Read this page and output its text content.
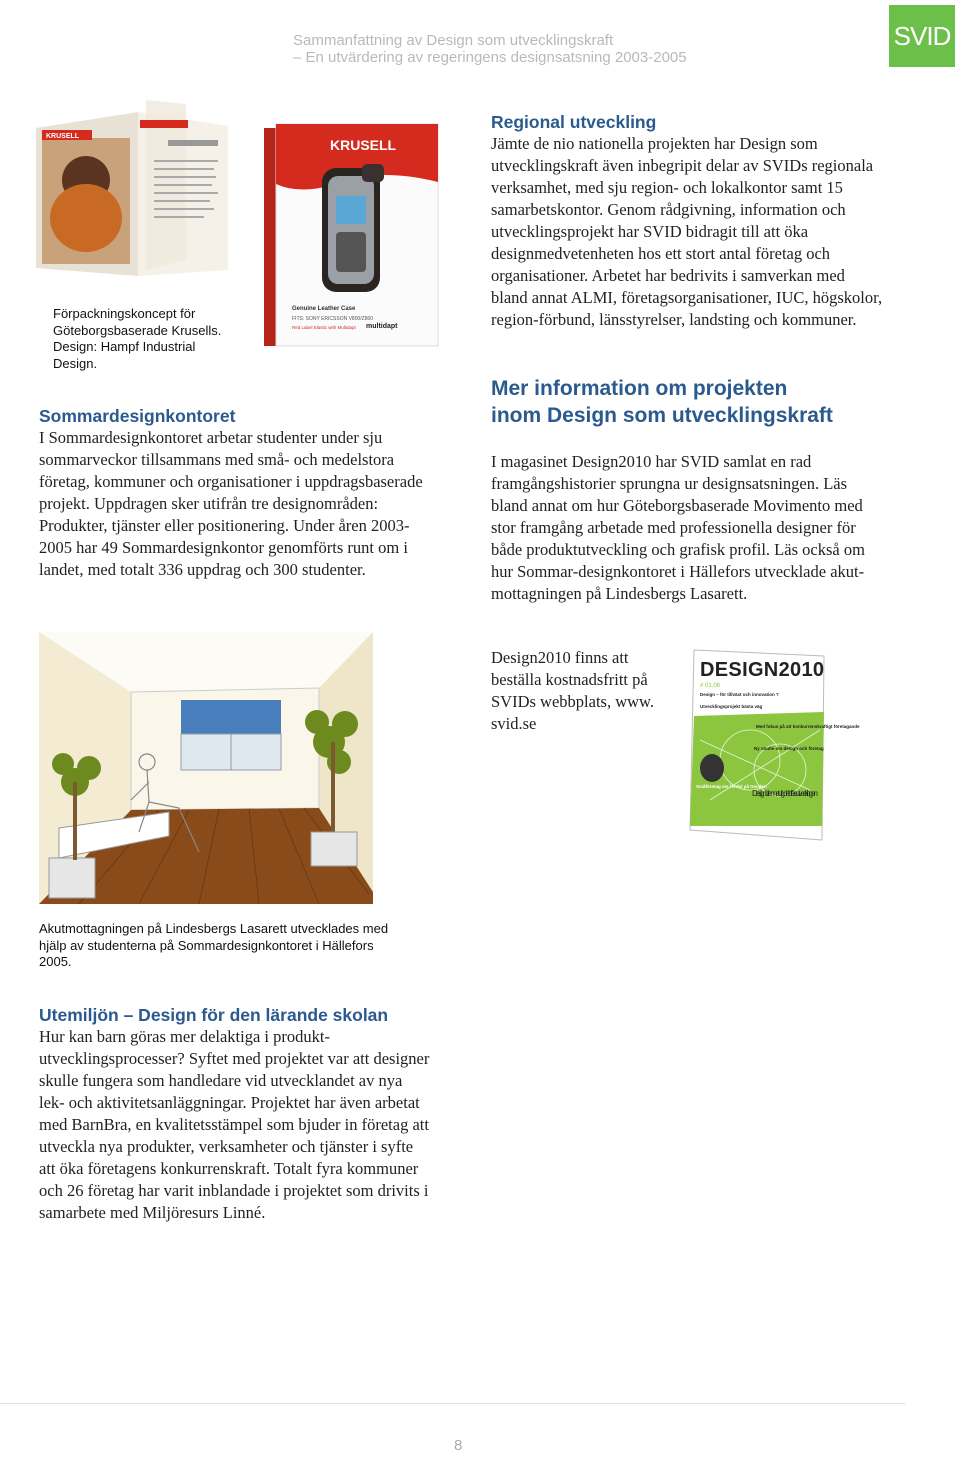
Sammanfattning av Design som utvecklingskraft
– En utvärdering av regeringens designsatsning 2003-2005
SVID
KRUSELL
KRUSELL
Genuine Leather Case
FITS: SONY ERICSSON V800/Z800
Red Label Elastic with Multidapt multidapt
Förpackningskoncept för Göteborgsbaserade Krusells. Design: Hampf Industrial Design.
Sommardesignkontoret

I Sommardesignkontoret arbetar studenter under sju sommarveckor tillsammans med små- och medelstora företag, kommuner och organisationer i uppdragsbaserade projekt. Uppdragen sker utifrån tre designområden: Produkter, tjänster eller positionering. Under åren 2003-2005 har 49 Sommardesignkontor genomförts runt om i landet, med totalt 336 uppdrag och 300 studenter.

Akutmottagningen på Lindesbergs Lasarett utvecklades med hjälp av studenterna på Sommardesignkontoret i Hällefors 2005.
Utemiljön – Design för den lärande skolan

Hur kan barn göras mer delaktiga i produkt-utvecklingsprocesser? Syftet med projektet var att designer skulle fungera som handledare vid utvecklandet av nya lek- och aktivitetsanläggningar. Projektet har även arbetat med BarnBra, en kvalitetsstämpel som bjuder in företag att utveckla nya produkter, verksamheter och tjänster i syfte att öka företagens konkurrenskraft. Totalt fyra kommuner och 26 företag har varit inblandade i projektet som drivits i samarbete med Miljöresurs Linné.

Regional utveckling

Jämte de nio nationella projekten har Design som utvecklingskraft även inbegripit delar av SVIDs regionala verksamhet, med sju region- och lokalkontor samt 15 samarbetskontor. Genom rådgivning, information och utvecklingsprojekt har SVID bidragit till att öka designmedvetenheten hos ett stort antal företag och organisationer. Arbetet har bedrivits i samverkan med bland annat ALMI, företagsorganisationer, IUC, högskolor, region-förbund, länsstyrelser, landsting och kommuner.

Mer information om projekten
inom Design som utvecklingskraft

I magasinet Design2010 har SVID samlat en rad framgångshistorier sprungna ur designsatsningen. Läs bland annat om hur Göteborgsbaserade Movimento med stor framgång arbetade med professionella designer för både produktutveckling och grafisk profil. Läs också om hur Sommar-designkontoret i Hällefors utvecklade akut-mottagningen på Lindesbergs Lasarett.

Design2010 finns att beställa kostnadsfritt på SVIDs webbplats, www. svid.se

DESIGN2010
# 01.06
Design – för tillväxt och innovation ?
Utvecklingsprojekt bästa väg
Med fokus på att konkurrenskraftigt företagande
Ny studie om design och företag
Småföretag ser fördel på trenden
Design blir en naturlig del i affärsutvecklingen
8
